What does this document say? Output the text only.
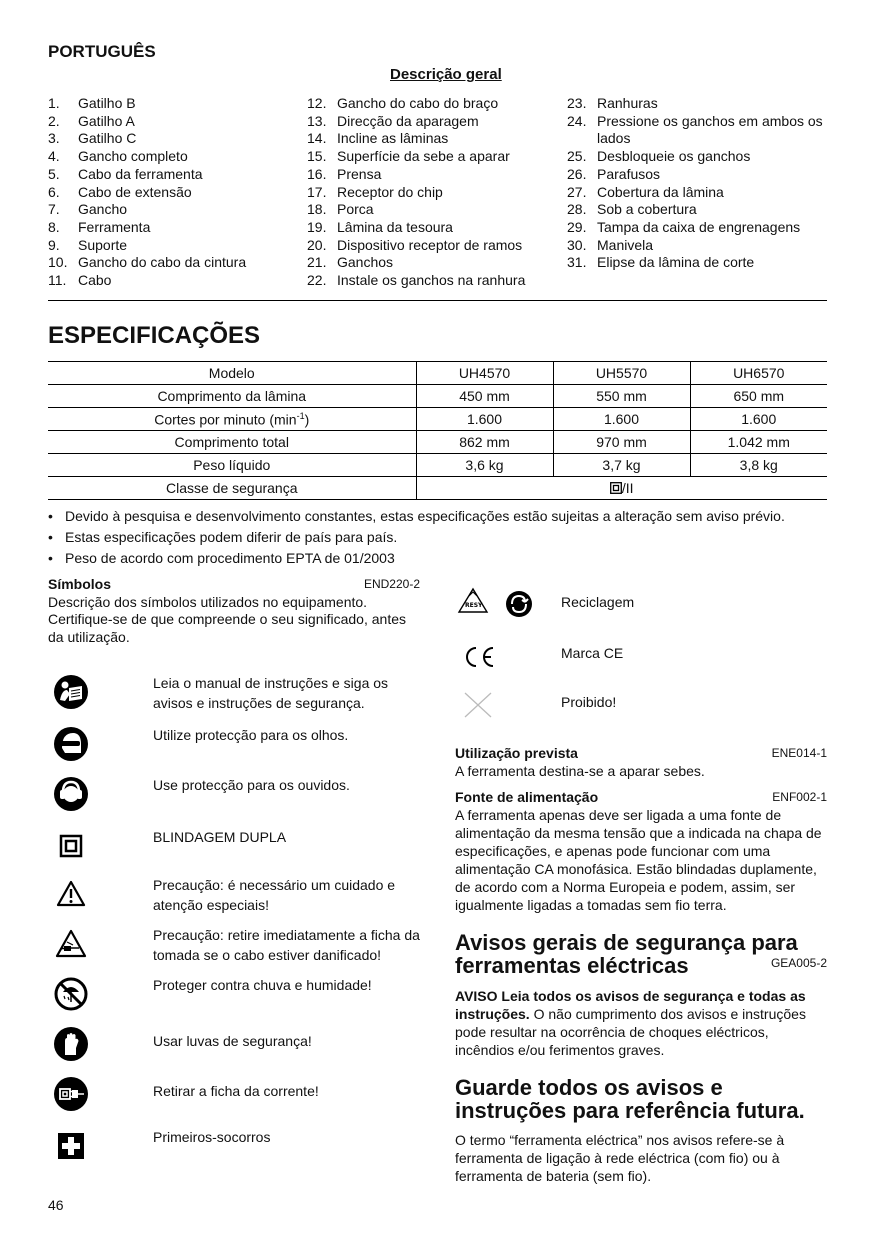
PORTUGUÊS
Descrição geral
1.	Gatilho B
2.	Gatilho A
3.	Gatilho C
4.	Gancho completo
5.	Cabo da ferramenta
6.	Cabo de extensão
7.	Gancho
8.	Ferramenta
9.	Suporte
10. Gancho do cabo da cintura
11. Cabo
12. Gancho do cabo do braço
13. Direcção da aparagem
14. Incline as lâminas
15. Superfície da sebe a aparar
16. Prensa
17. Receptor do chip
18. Porca
19. Lâmina da tesoura
20. Dispositivo receptor de ramos
21. Ganchos
22. Instale os ganchos na ranhura
23. Ranhuras
24. Pressione os ganchos em ambos os lados
25. Desbloqueie os ganchos
26. Parafusos
27. Cobertura da lâmina
28. Sob a cobertura
29. Tampa da caixa de engrenagens
30. Manivela
31. Elipse da lâmina de corte
ESPECIFICAÇÕES
Modelo	UH4570	UH5570	UH6570
Comprimento da lâmina	450 mm	550 mm	650 mm
Cortes por minuto $(\min^{-1})$	1.600	1.600	1.600
Comprimento total	862 mm	970 mm	1.042 mm
Peso líquido	3,6 kg	3,7 kg	3,8 kg
Classe de segurança	/II		
• Devido à pesquisa e desenvolvimento constantes, estas especificações estão sujeitas a alteração sem aviso prévio.
• Estas especificações podem diferir de país para país.
• Peso de acordo com procedimento EPTA de 01/2003
Símbolos	END220-2
Descrição dos símbolos utilizados no equipamento. Certifique-se de que compreende o seu significado, antes da utilização.
Leia o manual de instruções e siga os avisos e instruções de segurança.
Utilize protecção para os olhos.
Use protecção para os ouvidos.
BLINDAGEM DUPLA
Precaução: é necessário um cuidado e atenção especiais!
Precaução: retire imediatamente a ficha da tomada se o cabo estiver danificado!
Proteger contra chuva e humidade!
Usar luvas de segurança!
Retirar a ficha da corrente!
Primeiros-socorros
RESY	Reciclagem
Marca CE
Proibido!
Utilização prevista	ENE014-1
A ferramenta destina-se a aparar sebes.
Fonte de alimentação	ENF002-1
A ferramenta apenas deve ser ligada a uma fonte de alimentação da mesma tensão que a indicada na chapa de especificações, e apenas pode funcionar com uma alimentação CA monofásica. Estão blindadas duplamente, de acordo com a Norma Europeia e podem, assim, ser igualmente ligadas a tomadas sem fio terra.
Avisos gerais de segurança para ferramentas eléctricas	GEA005-2
AVISO Leia todos os avisos de segurança e todas as instruções. O não cumprimento dos avisos e instruções pode resultar na ocorrência de choques eléctricos, incêndios e/ou ferimentos graves.
Guarde todos os avisos e instruções para referência futura.
O termo “ferramenta eléctrica” nos avisos refere-se à ferramenta de ligação à rede eléctrica (com fio) ou à ferramenta de bateria (sem fio).
46
